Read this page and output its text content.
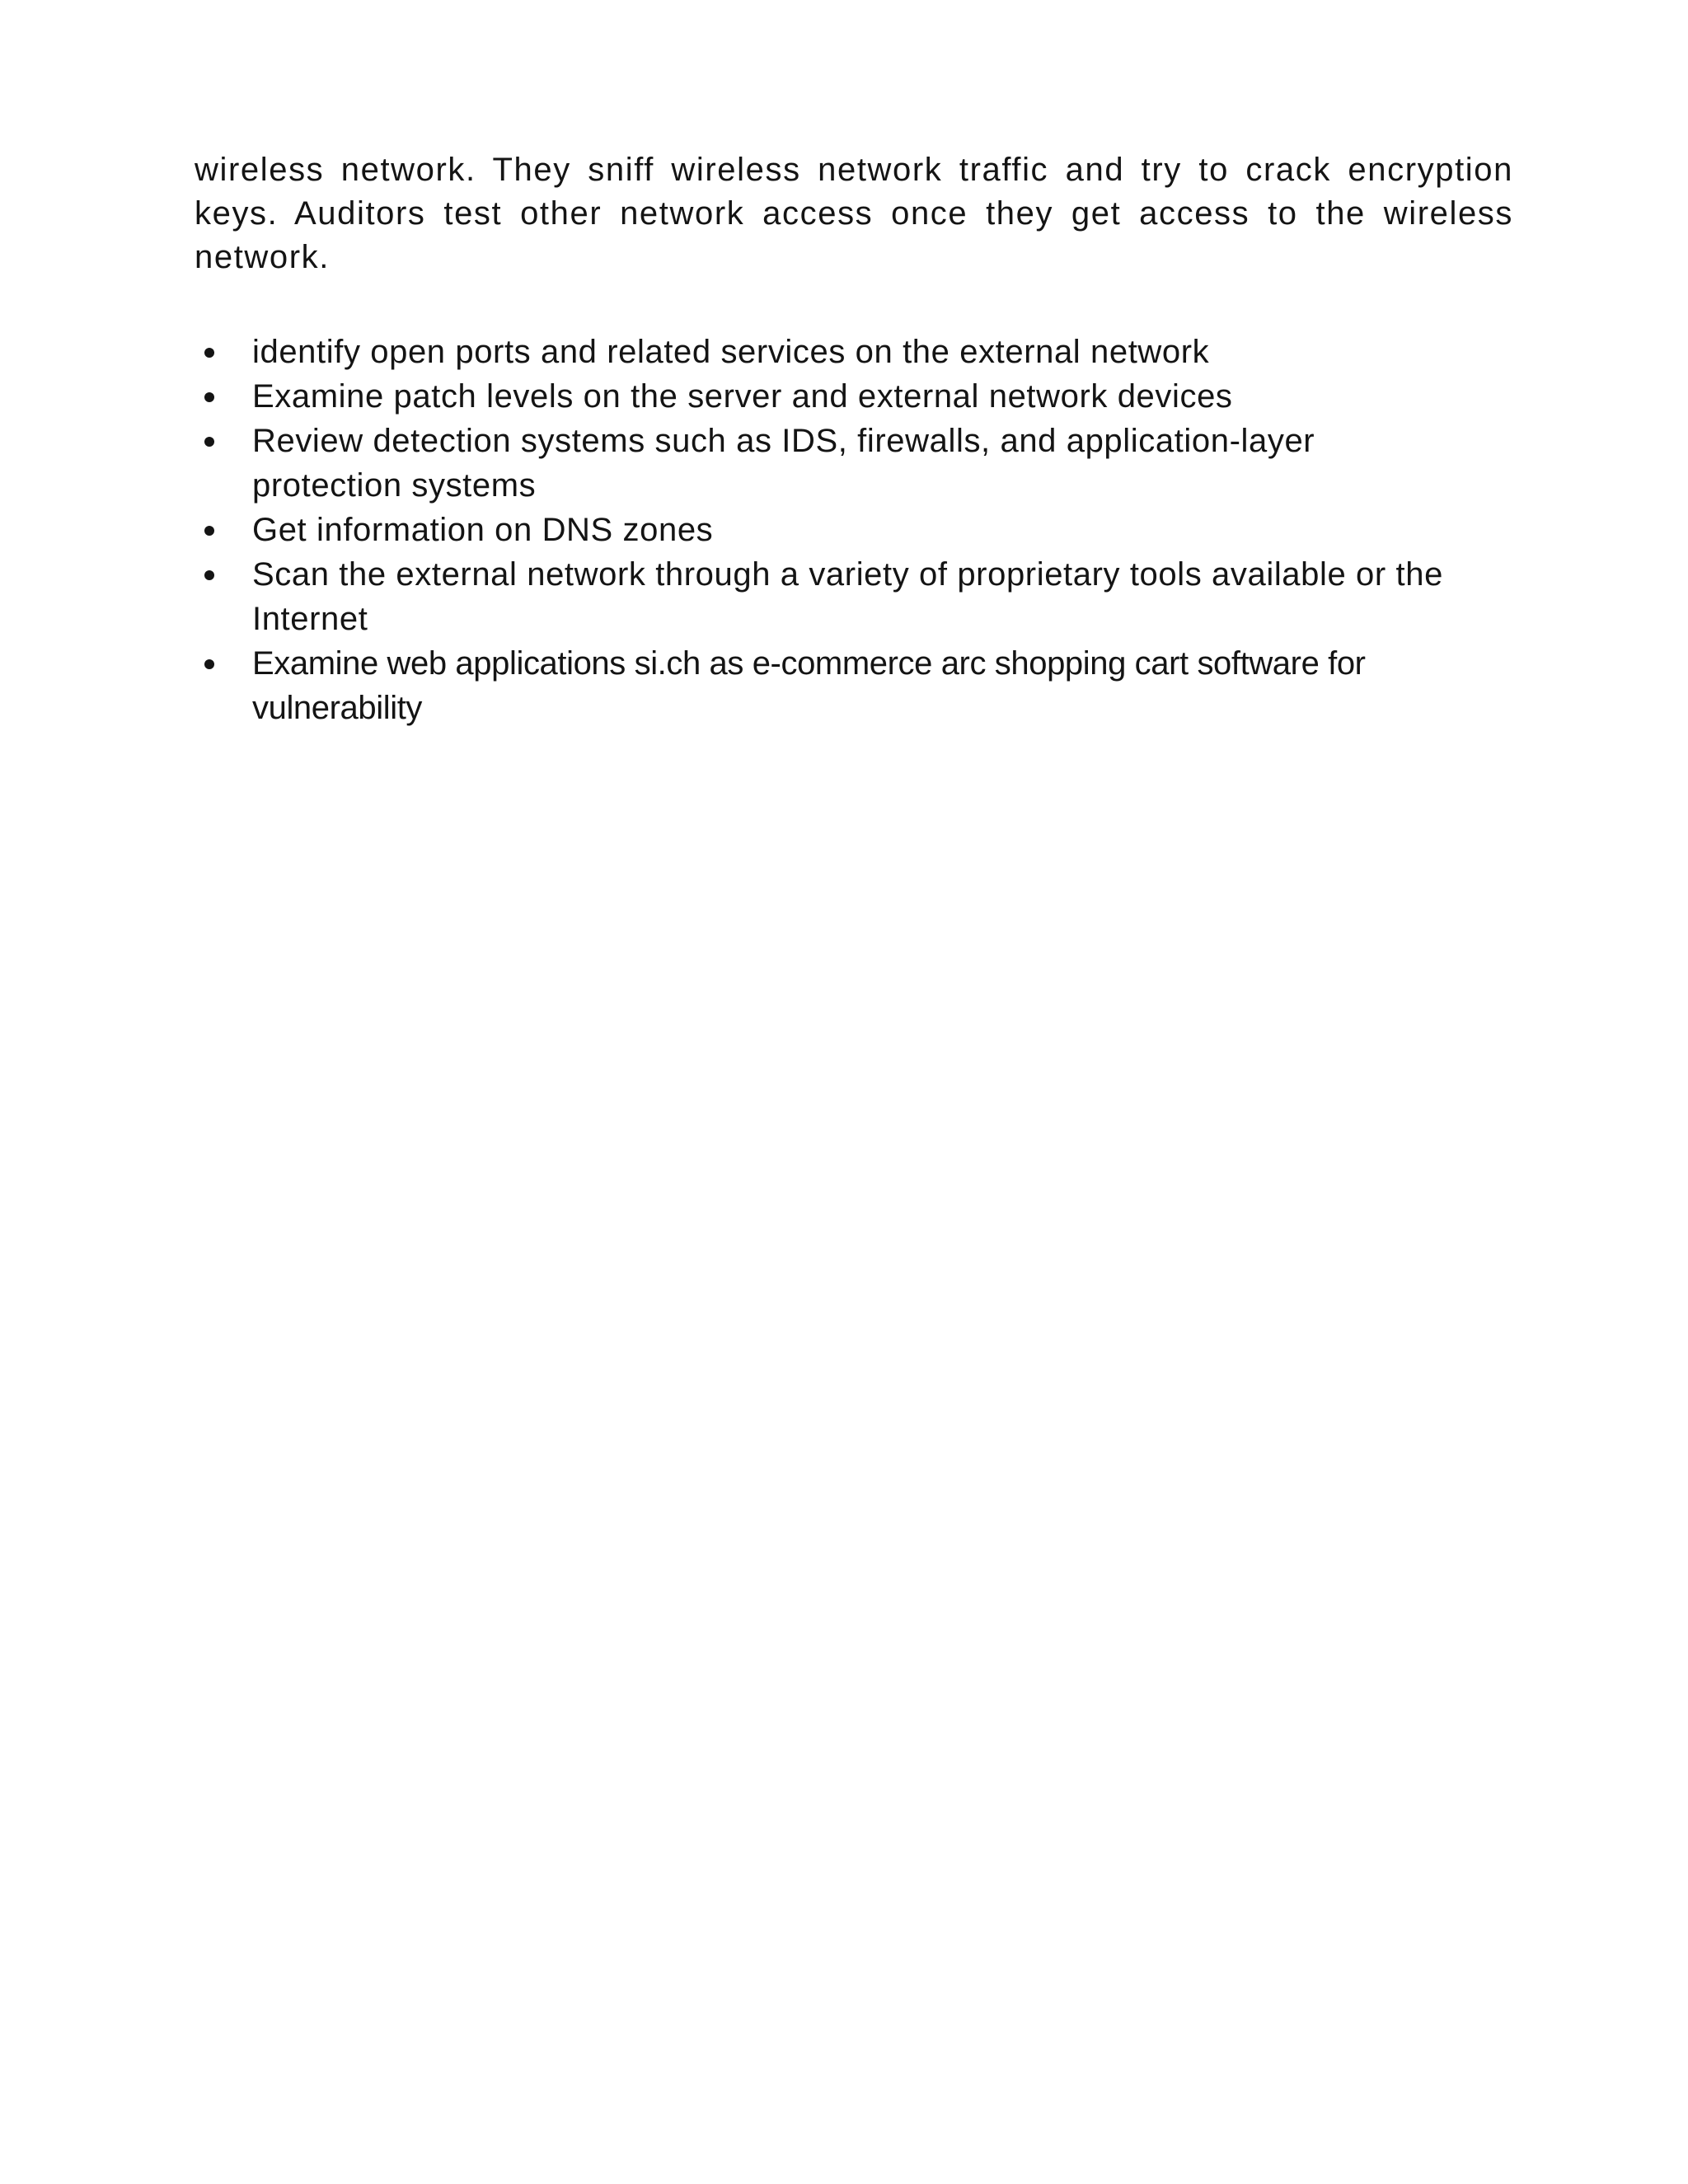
wireless network. They sniff wireless network traffic and try to crack encryption keys. Auditors test other network access once they get access to the wireless network.

identify open ports and related services on the external network
Examine patch levels on the server and external network devices
Review detection systems such as IDS, firewalls, and application-layer protection systems
Get information on DNS zones
Scan the external network through a variety of proprietary tools available or the Internet
Examine web applications si.ch as e-commerce arc shopping cart software for vulnerability
